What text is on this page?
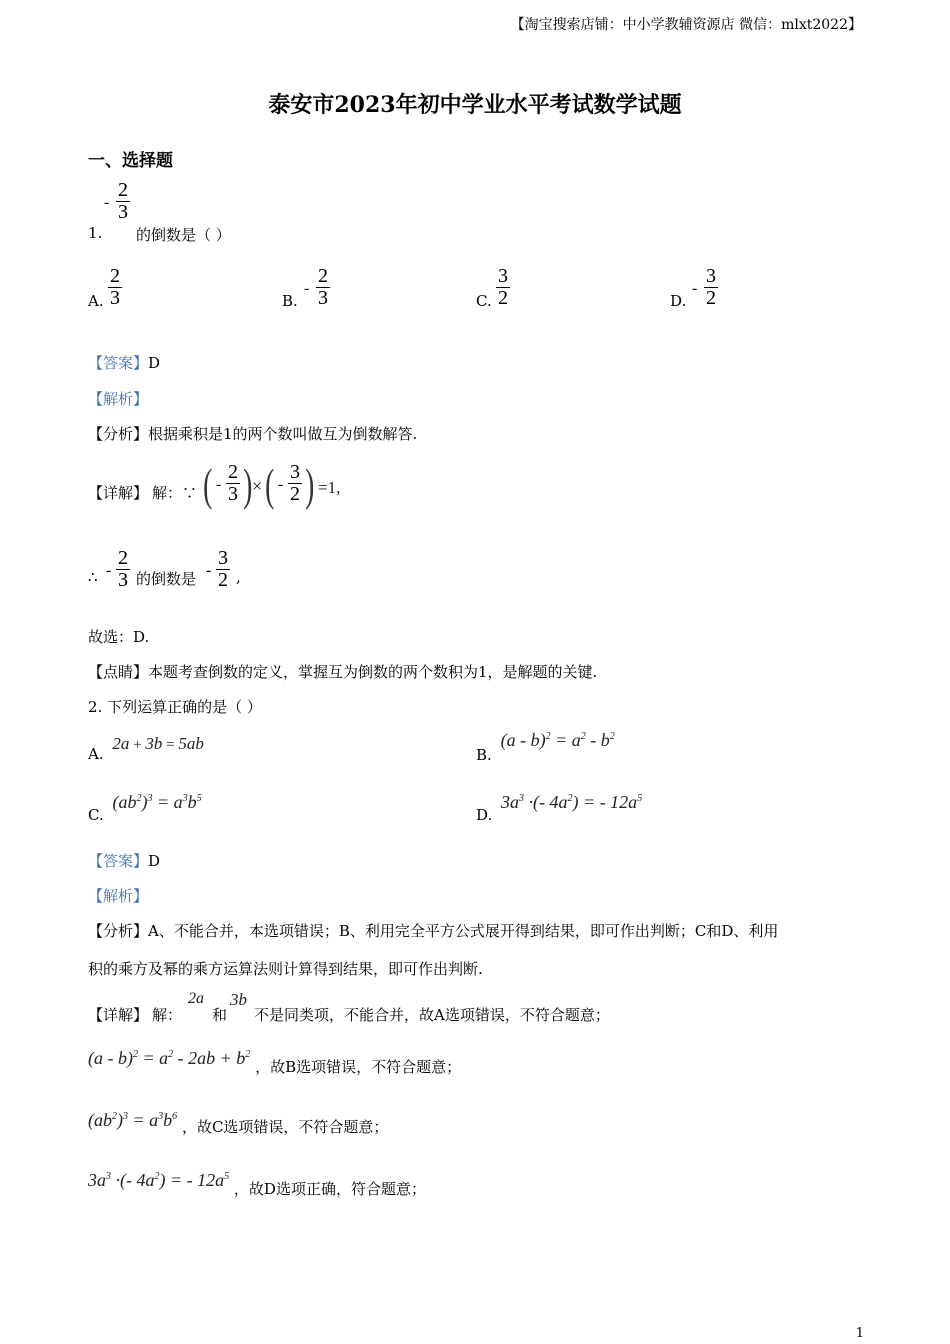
【淘宝搜索店铺：中小学教辅资源店 微信：mlxt2022】
泰安市2023年初中学业水平考试数学试题
一、选择题
1.
- $\frac{2}{3}$
的倒数是（ ）
A. $\frac{2}{3}$	B.
- $\frac{2}{3}$	C. $\frac{3}{2}$	D.
- $\frac{3}{2}$
【答案】D
【解析】
【分析】根据乘积是1的两个数叫做互为倒数解答.
【详解】 解：∵ ( - $\frac{2}{3}$ ) × ( - $\frac{3}{2}$ ) =1,
∴ - $\frac{2}{3}$ 的倒数是 - $\frac{3}{2}$ ,
故选：D.
【点睛】本题考查倒数的定义，掌握互为倒数的两个数积为1，是解题的关键.
2. 下列运算正确的是（ ）
A. 2a + 3b = 5ab
B. $(a - b)^2 = a^2 - b^2$
C. $(ab^2)^3 = a^3b^5$
D. $3a^3$ ·(- $4a^2$) = - $12a^5$
【答案】D
【解析】
【分析】A、不能合并，本选项错误；B、利用完全平方公式展开得到结果，即可作出判断；C和D、利用
积的乘方及幂的乘方运算法则计算得到结果，即可作出判断.
【详解】 解：
2a
和
3b
不是同类项，不能合并，故A选项错误，不符合题意；
$(a - b)^2 = a^2 - 2ab + b^2$ ，故B选项错误，不符合题意；
$(ab^2)^3 = a^3b^6$ ，故C选项错误，不符合题意；
$3a^3$ ·(- $4a^2$) = - $12a^5$ ，故D选项正确，符合题意；
1
